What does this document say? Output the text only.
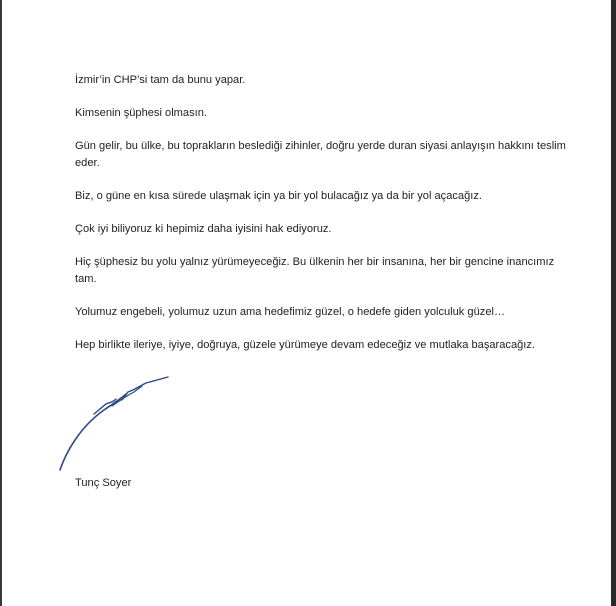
İzmir’in CHP’si tam da bunu yapar.

Kimsenin şüphesi olmasın.

Gün gelir, bu ülke, bu toprakların beslediği zihinler, doğru yerde duran siyasi anlayışın hakkını teslim eder.

Biz, o güne en kısa sürede ulaşmak için ya bir yol bulacağız ya da bir yol açacağız.

Çok iyi biliyoruz ki hepimiz daha iyisini hak ediyoruz.

Hiç şüphesiz bu yolu yalnız yürümeyeceğiz. Bu ülkenin her bir insanına, her bir gencine inancımız tam.

Yolumuz engebeli, yolumuz uzun ama hedefimiz güzel, o hedefe giden yolculuk güzel…

Hep birlikte ileriye, iyiye, doğruya, güzele yürümeye devam edeceğiz ve mutlaka başaracağız.

Tunç Soyer
